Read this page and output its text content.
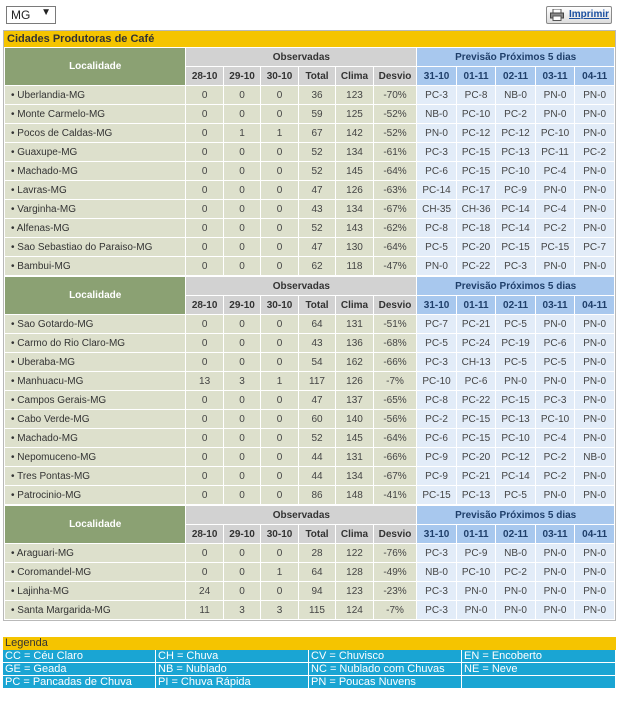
MG ▼	Imprimir
Cidades Produtoras de Café
Localidade	Observadas						Previsão Próximos 5 dias				
	28-10	29-10	30-10	Total	Clima	Desvio	31-10	01-11	02-11	03-11	04-11
• Uberlandia-MG	0	0	0	36	123	-70%	PC-3	PC-8	NB-0	PN-0	PN-0
• Monte Carmelo-MG	0	0	0	59	125	-52%	NB-0	PC-10	PC-2	PN-0	PN-0
• Pocos de Caldas-MG	0	1	1	67	142	-52%	PN-0	PC-12	PC-12	PC-10	PN-0
• Guaxupe-MG	0	0	0	52	134	-61%	PC-3	PC-15	PC-13	PC-11	PC-2
• Machado-MG	0	0	0	52	145	-64%	PC-6	PC-15	PC-10	PC-4	PN-0
• Lavras-MG	0	0	0	47	126	-63%	PC-14	PC-17	PC-9	PN-0	PN-0
• Varginha-MG	0	0	0	43	134	-67%	CH-35	CH-36	PC-14	PC-4	PN-0
• Alfenas-MG	0	0	0	52	143	-62%	PC-8	PC-18	PC-14	PC-2	PN-0
• Sao Sebastiao do Paraiso-MG	0	0	0	47	130	-64%	PC-5	PC-20	PC-15	PC-15	PC-7
• Bambui-MG	0	0	0	62	118	-47%	PN-0	PC-22	PC-3	PN-0	PN-0
Localidade	Observadas						Previsão Próximos 5 dias				
	28-10	29-10	30-10	Total	Clima	Desvio	31-10	01-11	02-11	03-11	04-11
• Sao Gotardo-MG	0	0	0	64	131	-51%	PC-7	PC-21	PC-5	PN-0	PN-0
• Carmo do Rio Claro-MG	0	0	0	43	136	-68%	PC-5	PC-24	PC-19	PC-6	PN-0
• Uberaba-MG	0	0	0	54	162	-66%	PC-3	CH-13	PC-5	PC-5	PN-0
• Manhuacu-MG	13	3	1	117	126	-7%	PC-10	PC-6	PN-0	PN-0	PN-0
• Campos Gerais-MG	0	0	0	47	137	-65%	PC-8	PC-22	PC-15	PC-3	PN-0
• Cabo Verde-MG	0	0	0	60	140	-56%	PC-2	PC-15	PC-13	PC-10	PN-0
• Machado-MG	0	0	0	52	145	-64%	PC-6	PC-15	PC-10	PC-4	PN-0
• Nepomuceno-MG	0	0	0	44	131	-66%	PC-9	PC-20	PC-12	PC-2	NB-0
• Tres Pontas-MG	0	0	0	44	134	-67%	PC-9	PC-21	PC-14	PC-2	PN-0
• Patrocinio-MG	0	0	0	86	148	-41%	PC-15	PC-13	PC-5	PN-0	PN-0
Localidade	Observadas						Previsão Próximos 5 dias				
	28-10	29-10	30-10	Total	Clima	Desvio	31-10	01-11	02-11	03-11	04-11
• Araguari-MG	0	0	0	28	122	-76%	PC-3	PC-9	NB-0	PN-0	PN-0
• Coromandel-MG	0	0	1	64	128	-49%	NB-0	PC-10	PC-2	PN-0	PN-0
• Lajinha-MG	24	0	0	94	123	-23%	PC-3	PN-0	PN-0	PN-0	PN-0
• Santa Margarida-MG	11	3	3	115	124	-7%	PC-3	PN-0	PN-0	PN-0	PN-0
Legenda
CC = Céu Claro	CH = Chuva	CV = Chuvisco	EN = Encoberto
GE = Geada	NB = Nublado	NC = Nublado com Chuvas	NE = Neve
PC = Pancadas de Chuva	PI = Chuva Rápida	PN = Poucas Nuvens
